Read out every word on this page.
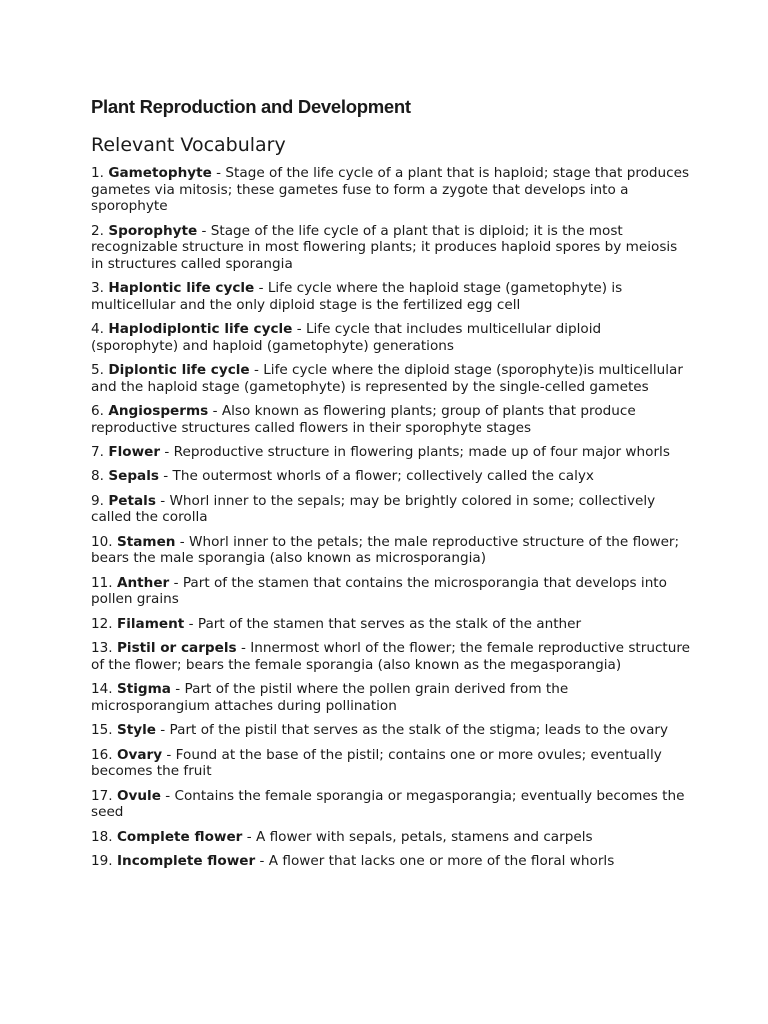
Plant Reproduction and Development
Relevant Vocabulary
1. Gametophyte - Stage of the life cycle of a plant that is haploid; stage that produces gametes via mitosis; these gametes fuse to form a zygote that develops into a sporophyte
2. Sporophyte - Stage of the life cycle of a plant that is diploid; it is the most recognizable structure in most flowering plants; it produces haploid spores by meiosis in structures called sporangia
3. Haplontic life cycle - Life cycle where the haploid stage (gametophyte) is multicellular and the only diploid stage is the fertilized egg cell
4. Haplodiplontic life cycle - Life cycle that includes multicellular diploid (sporophyte) and haploid (gametophyte) generations
5. Diplontic life cycle - Life cycle where the diploid stage (sporophyte)is multicellular and the haploid stage (gametophyte) is represented by the single-celled gametes
6. Angiosperms - Also known as flowering plants; group of plants that produce reproductive structures called flowers in their sporophyte stages
7. Flower - Reproductive structure in flowering plants; made up of four major whorls
8. Sepals - The outermost whorls of a flower; collectively called the calyx
9. Petals - Whorl inner to the sepals; may be brightly colored in some; collectively called the corolla
10. Stamen - Whorl inner to the petals; the male reproductive structure of the flower; bears the male sporangia (also known as microsporangia)
11. Anther - Part of the stamen that contains the microsporangia that develops into pollen grains
12. Filament - Part of the stamen that serves as the stalk of the anther
13. Pistil or carpels - Innermost whorl of the flower; the female reproductive structure of the flower; bears the female sporangia (also known as the megasporangia)
14. Stigma - Part of the pistil where the pollen grain derived from the microsporangium attaches during pollination
15. Style - Part of the pistil that serves as the stalk of the stigma; leads to the ovary
16. Ovary - Found at the base of the pistil; contains one or more ovules; eventually becomes the fruit
17. Ovule - Contains the female sporangia or megasporangia; eventually becomes the seed
18. Complete flower - A flower with sepals, petals, stamens and carpels
19. Incomplete flower - A flower that lacks one or more of the floral whorls
